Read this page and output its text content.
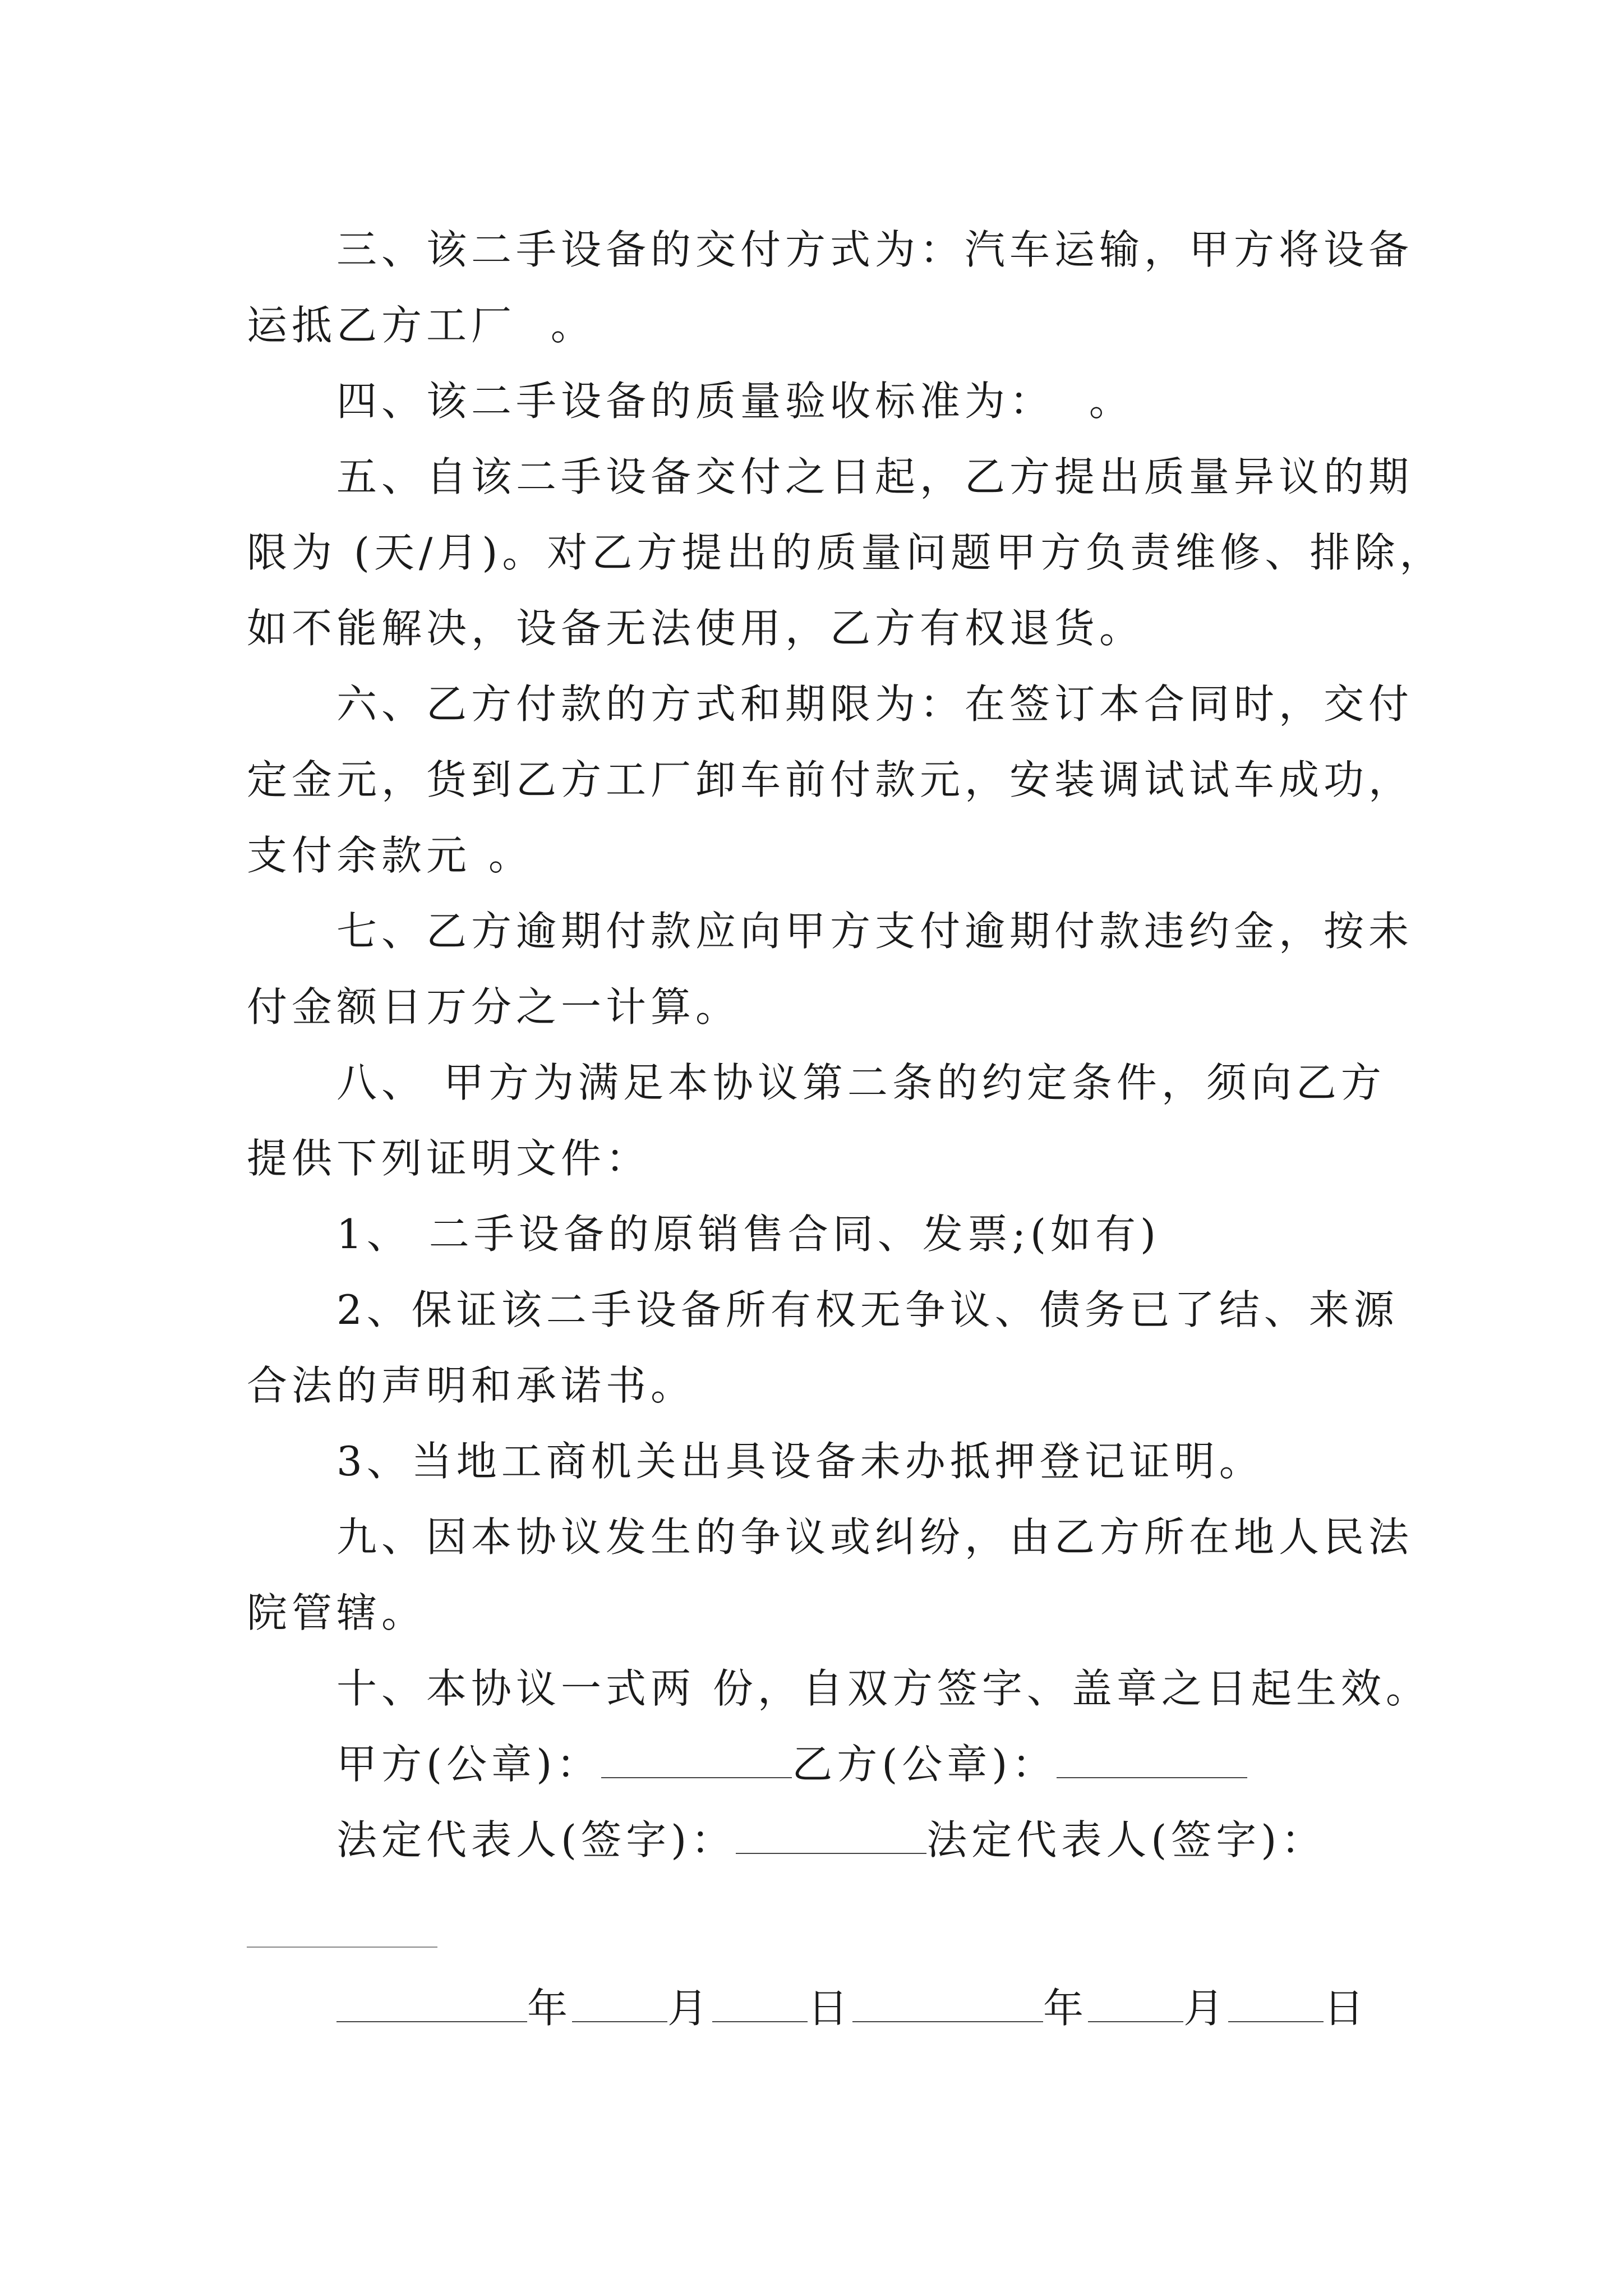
三、该二手设备的交付方式为：汽车运输，甲方将设备
运抵乙方工厂  。
四、该二手设备的质量验收标准为：  。
五、自该二手设备交付之日起，乙方提出质量异议的期
限为 (天/月)。对乙方提出的质量问题甲方负责维修、排除，
如不能解决，设备无法使用，乙方有权退货。
六、乙方付款的方式和期限为：在签订本合同时，交付
定金元，货到乙方工厂卸车前付款元，安装调试试车成功，
支付余款元 。
七、乙方逾期付款应向甲方支付逾期付款违约金，按未
付金额日万分之一计算。
八、 甲方为满足本协议第二条的约定条件，须向乙方
提供下列证明文件：
1、 二手设备的原销售合同、发票;(如有)
2、保证该二手设备所有权无争议、债务已了结、来源
合法的声明和承诺书。
3、当地工商机关出具设备未办抵押登记证明。
九、因本协议发生的争议或纠纷，由乙方所在地人民法
院管辖。
十、本协议一式两 份，自双方签字、盖章之日起生效。
甲方(公章)：	乙方(公章)：
法定代表人(签字)：	法定代表人(签字)：
年 月 日	年 月 日
